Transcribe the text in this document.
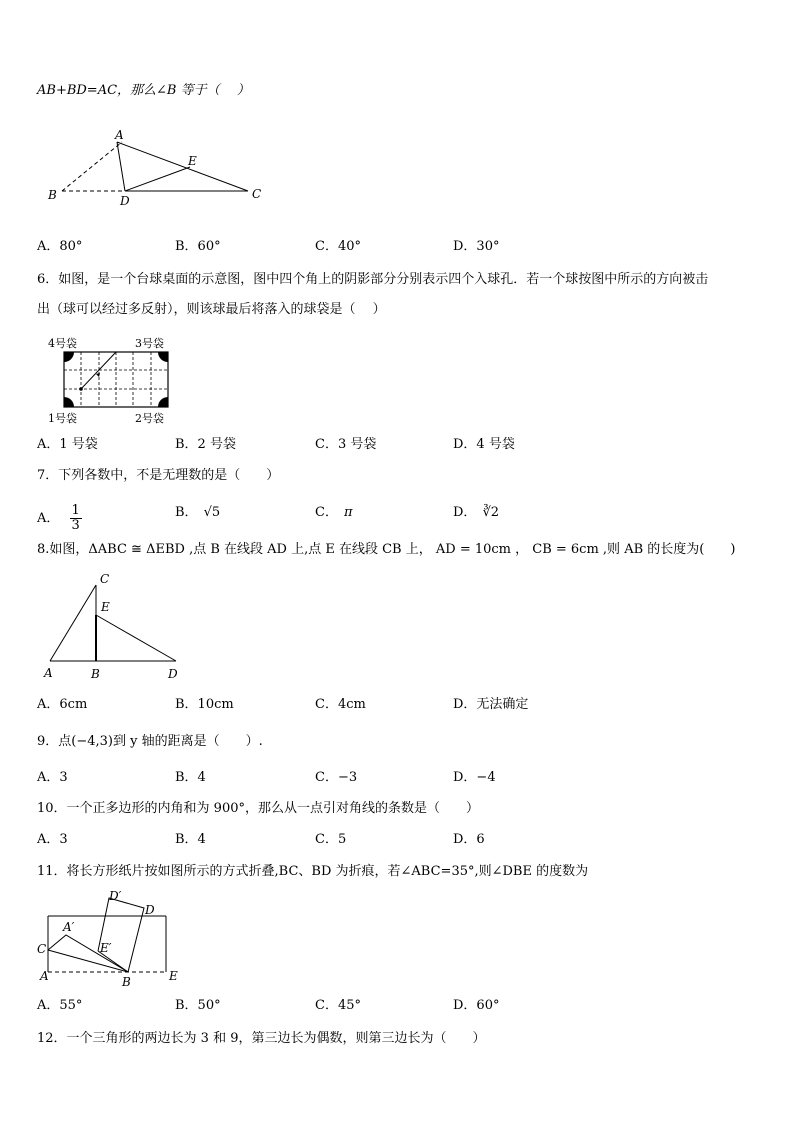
AB+BD=AC，那么∠B 等于（　 ）
A
B	C
D
E
A．80°	B．60°	C．40°	D．30°
6．如图，是一个台球桌面的示意图，图中四个角上的阴影部分分别表示四个入球孔．若一个球按图中所示的方向被击
出（球可以经过多反射），则该球最后将落入的球袋是（　 ）
4号袋	3号袋
1号袋	2号袋
A．1 号袋	B．2 号袋	C．3 号袋	D．4 号袋
7．下列各数中，不是无理数的是（　　）
A． $\frac{1}{3}$	B． √5	C． π	D． ∛2
8.如图，ΔABC ≅ ΔEBD ,点 B 在线段 AD 上,点 E 在线段 CB 上， AD = 10cm ， CB = 6cm ,则 AB 的长度为(　　)
C
E
A	B	D
A．6cm	B．10cm	C．4cm	D．无法确定
9．点(−4,3)到 y 轴的距离是（　　）.
A．3	B．4	C．−3	D．−4
10．一个正多边形的内角和为 900°，那么从一点引对角线的条数是（　　）
A．3	B．4	C．5	D．6
11．将长方形纸片按如图所示的方式折叠,BC、BD 为折痕，若∠ABC=35°,则∠DBE 的度数为
D′
D
A′
C	E′
A	B	E
A．55°	B．50°	C．45°	D．60°
12．一个三角形的两边长为 3 和 9，第三边长为偶数，则第三边长为（　　）
